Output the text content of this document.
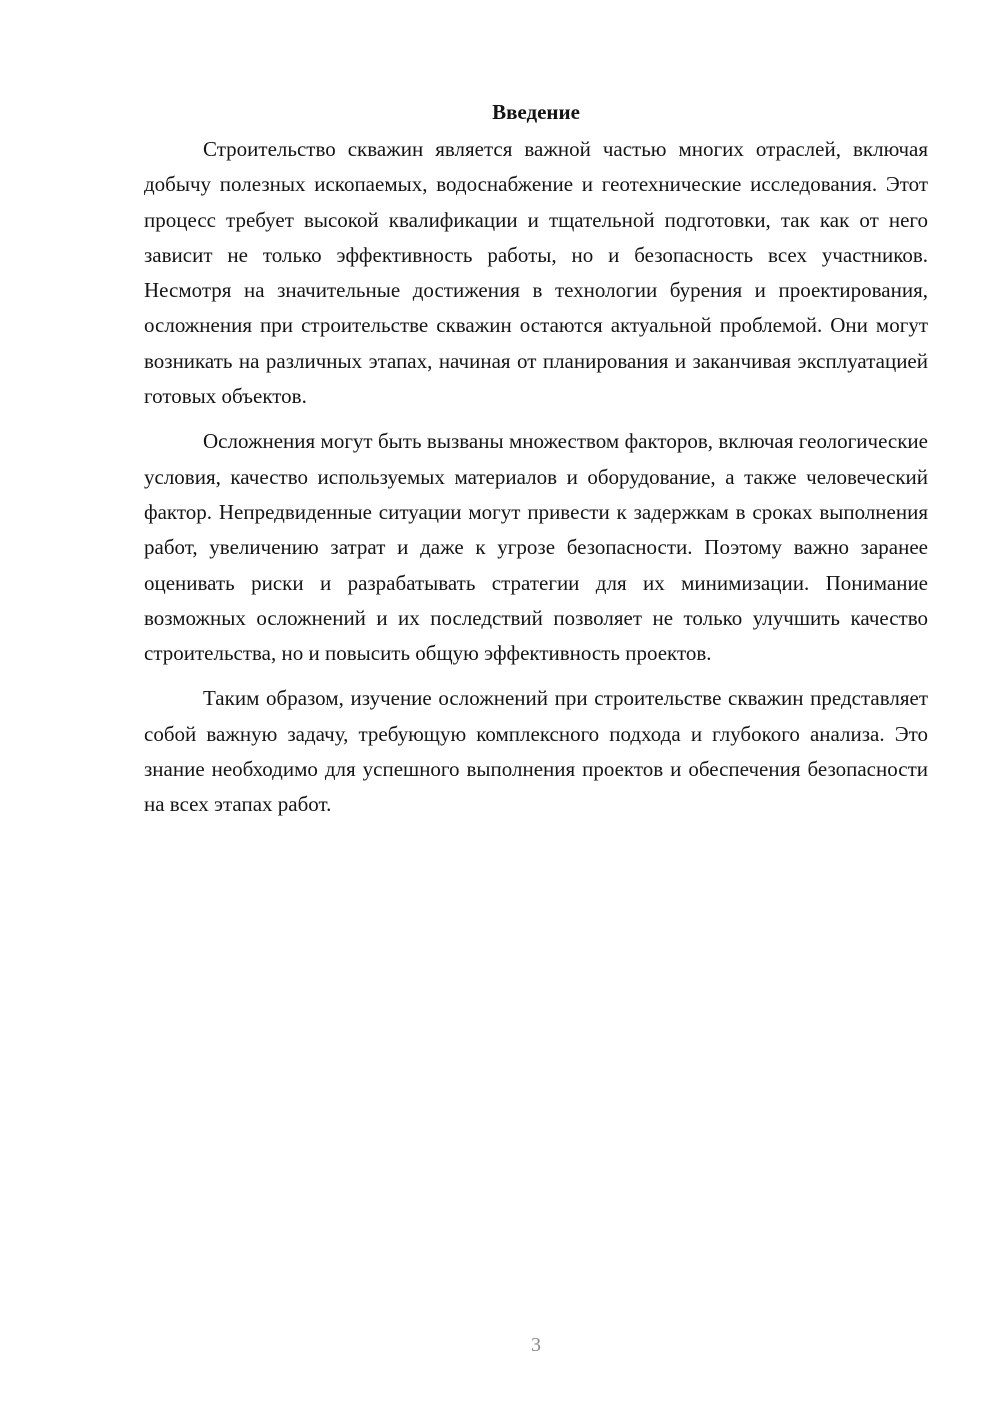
Введение

Строительство скважин является важной частью многих отраслей, включая добычу полезных ископаемых, водоснабжение и геотехнические исследования. Этот процесс требует высокой квалификации и тщательной подготовки, так как от него зависит не только эффективность работы, но и безопасность всех участников. Несмотря на значительные достижения в технологии бурения и проектирования, осложнения при строительстве скважин остаются актуальной проблемой. Они могут возникать на различных этапах, начиная от планирования и заканчивая эксплуатацией готовых объектов.

Осложнения могут быть вызваны множеством факторов, включая геологические условия, качество используемых материалов и оборудование, а также человеческий фактор. Непредвиденные ситуации могут привести к задержкам в сроках выполнения работ, увеличению затрат и даже к угрозе безопасности. Поэтому важно заранее оценивать риски и разрабатывать стратегии для их минимизации. Понимание возможных осложнений и их последствий позволяет не только улучшить качество строительства, но и повысить общую эффективность проектов.

Таким образом, изучение осложнений при строительстве скважин представляет собой важную задачу, требующую комплексного подхода и глубокого анализа. Это знание необходимо для успешного выполнения проектов и обеспечения безопасности на всех этапах работ.

3
